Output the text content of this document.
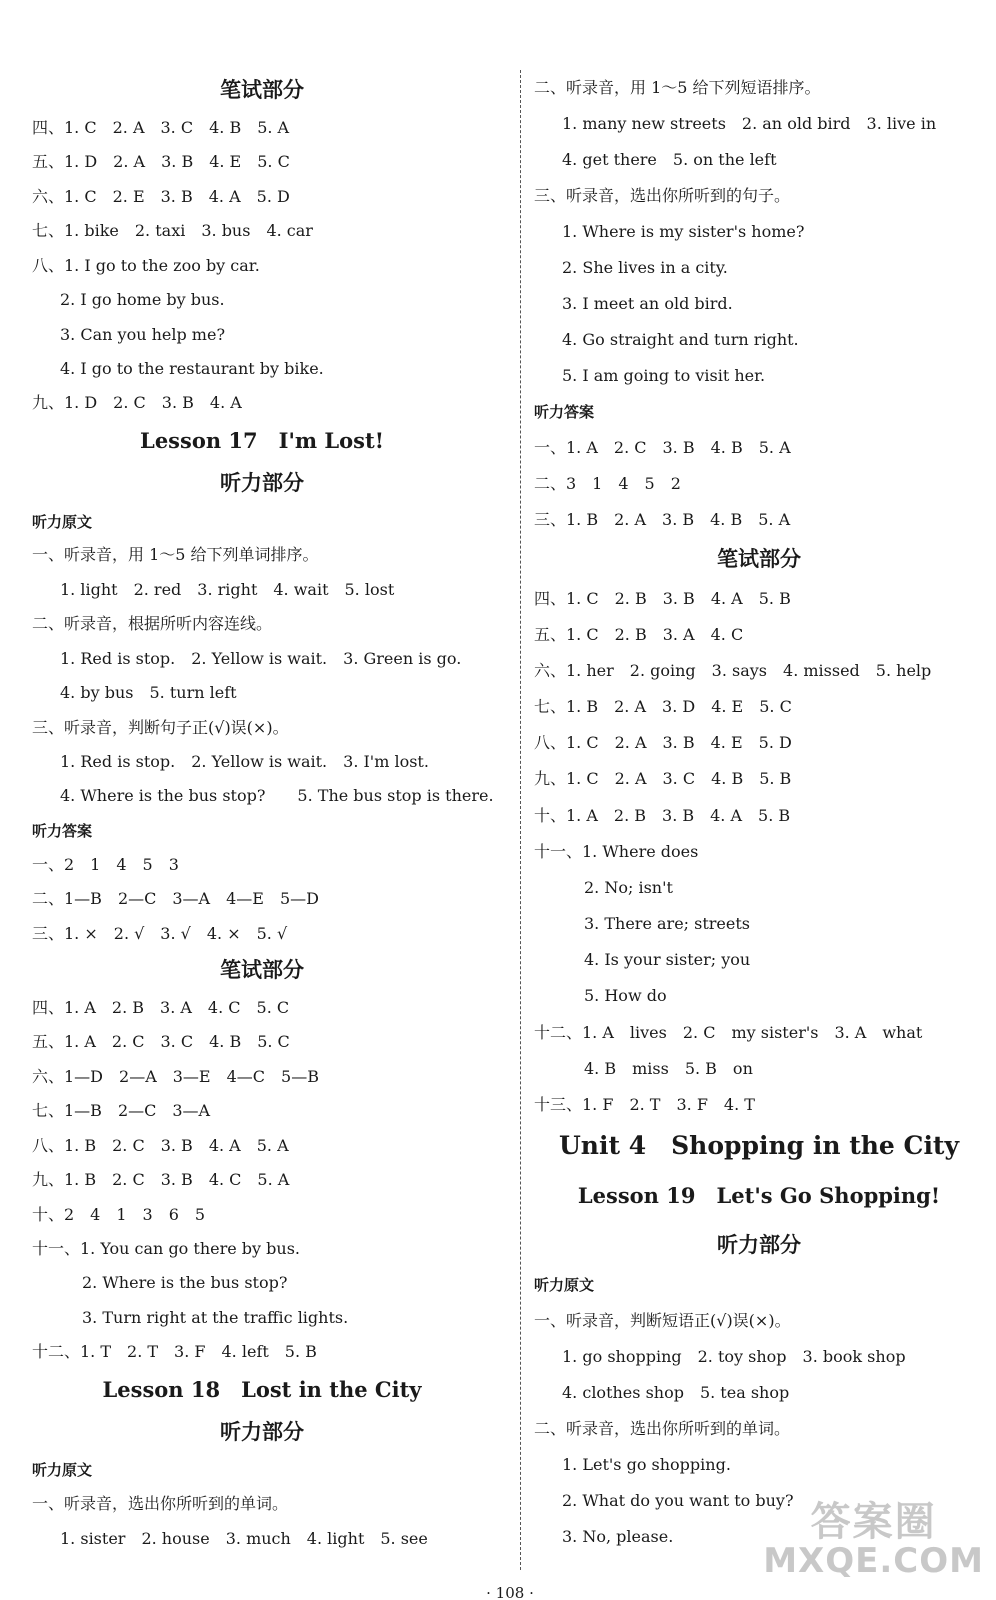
笔试部分
四、1. C　2. A　3. C　4. B　5. A
五、1. D　2. A　3. B　4. E　5. C
六、1. C　2. E　3. B　4. A　5. D
七、1. bike　2. taxi　3. bus　4. car
八、1. I go to the zoo by car.
2. I go home by bus.
3. Can you help me?
4. I go to the restaurant by bike.
九、1. D　2. C　3. B　4. A
Lesson 17　I'm Lost!
听力部分
听力原文
一、听录音，用 1～5 给下列单词排序。
1. light　2. red　3. right　4. wait　5. lost
二、听录音，根据所听内容连线。
1. Red is stop.　2. Yellow is wait.　3. Green is go.
4. by bus　5. turn left
三、听录音，判断句子正(√)误(×)。
1. Red is stop.　2. Yellow is wait.　3. I'm lost.
4. Where is the bus stop?　　5. The bus stop is there.
听力答案
一、2　1　4　5　3
二、1—B　2—C　3—A　4—E　5—D
三、1. ×　2. √　3. √　4. ×　5. √
笔试部分
四、1. A　2. B　3. A　4. C　5. C
五、1. A　2. C　3. C　4. B　5. C
六、1—D　2—A　3—E　4—C　5—B
七、1—B　2—C　3—A
八、1. B　2. C　3. B　4. A　5. A
九、1. B　2. C　3. B　4. C　5. A
十、2　4　1　3　6　5
十一、1. You can go there by bus.
2. Where is the bus stop?
3. Turn right at the traffic lights.
十二、1. T　2. T　3. F　4. left　5. B
Lesson 18　Lost in the City
听力部分
听力原文
一、听录音，选出你所听到的单词。
1. sister　2. house　3. much　4. light　5. see
二、听录音，用 1～5 给下列短语排序。
1. many new streets　2. an old bird　3. live in
4. get there　5. on the left
三、听录音，选出你所听到的句子。
1. Where is my sister's home?
2. She lives in a city.
3. I meet an old bird.
4. Go straight and turn right.
5. I am going to visit her.
听力答案
一、1. A　2. C　3. B　4. B　5. A
二、3　1　4　5　2
三、1. B　2. A　3. B　4. B　5. A
笔试部分
四、1. C　2. B　3. B　4. A　5. B
五、1. C　2. B　3. A　4. C
六、1. her　2. going　3. says　4. missed　5. help
七、1. B　2. A　3. D　4. E　5. C
八、1. C　2. A　3. B　4. E　5. D
九、1. C　2. A　3. C　4. B　5. B
十、1. A　2. B　3. B　4. A　5. B
十一、1. Where does
2. No; isn't
3. There are; streets
4. Is your sister; you
5. How do
十二、1. A　lives　2. C　my sister's　3. A　what
4. B　miss　5. B　on
十三、1. F　2. T　3. F　4. T
Unit 4　Shopping in the City
Lesson 19　Let's Go Shopping!
听力部分
听力原文
一、听录音，判断短语正(√)误(×)。
1. go shopping　2. toy shop　3. book shop
4. clothes shop　5. tea shop
二、听录音，选出你所听到的单词。
1. Let's go shopping.
2. What do you want to buy?
3. No, please.
· 108 ·
答案圈
MXQE.COM
